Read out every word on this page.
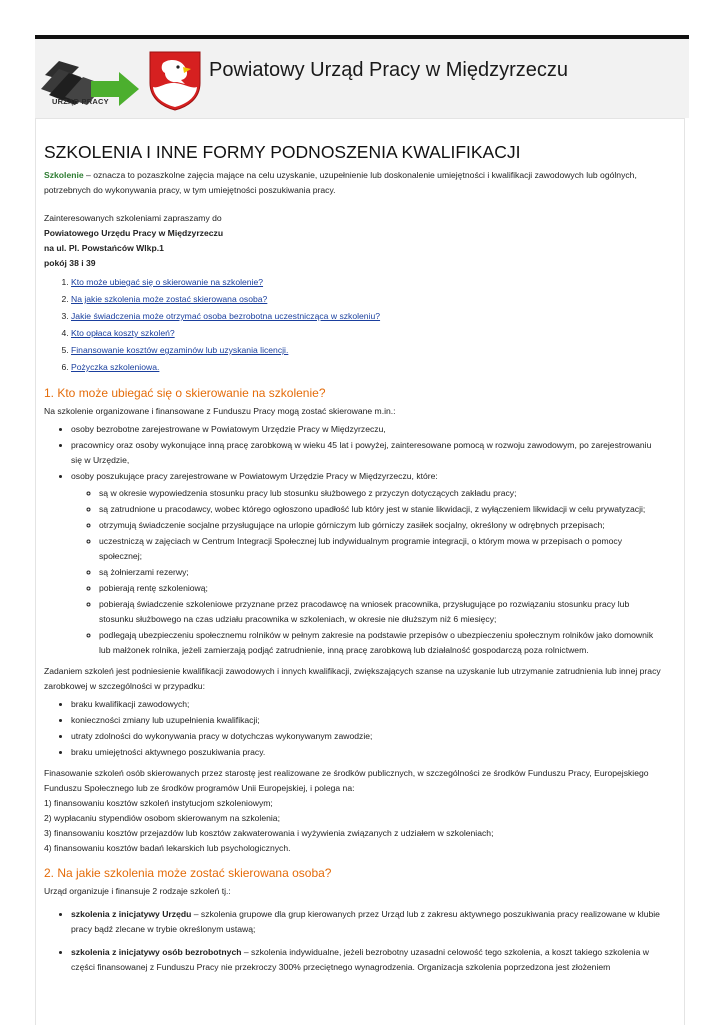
URZĄD PRACY
Powiatowy Urząd Pracy w Międzyrzeczu
SZKOLENIA I INNE FORMY PODNOSZENIA KWALIFIKACJI

Szkolenie – oznacza to pozaszkolne zajęcia mające na celu uzyskanie, uzupełnienie lub doskonalenie umiejętności i kwalifikacji zawodowych lub ogólnych, potrzebnych do wykonywania pracy, w tym umiejętności poszukiwania pracy.

Zainteresowanych szkoleniami zapraszamy do

Powiatowego Urzędu Pracy w Międzyrzeczu

na ul. Pl. Powstańców Wlkp.1

pokój 38 i 39

1. Kto może ubiegać się o skierowanie na szkolenie?
2. Na jakie szkolenia może zostać skierowana osoba?
3. Jakie świadczenia może otrzymać osoba bezrobotna uczestnicząca w szkoleniu?
4. Kto opłaca koszty szkoleń?
5. Finansowanie kosztów egzaminów lub uzyskania licencji.
6. Pożyczka szkoleniowa.
1. Kto może ubiegać się o skierowanie na szkolenie?

Na szkolenie organizowane i finansowane z Funduszu Pracy mogą zostać skierowane m.in.:

• osoby bezrobotne zarejestrowane w Powiatowym Urzędzie Pracy w Międzyrzeczu,
• pracownicy oraz osoby wykonujące inną pracę zarobkową w wieku 45 lat i powyżej, zainteresowane pomocą w rozwoju zawodowym, po zarejestrowaniu się w Urzędzie,
• osoby poszukujące pracy zarejestrowane w Powiatowym Urzędzie Pracy w Międzyrzeczu, które:
◦ są w okresie wypowiedzenia stosunku pracy lub stosunku służbowego z przyczyn dotyczących zakładu pracy;
◦ są zatrudnione u pracodawcy, wobec którego ogłoszono upadłość lub który jest w stanie likwidacji, z wyłączeniem likwidacji w celu prywatyzacji;
◦ otrzymują świadczenie socjalne przysługujące na urlopie górniczym lub górniczy zasiłek socjalny, określony w odrębnych przepisach;
◦ uczestniczą w zajęciach w Centrum Integracji Społecznej lub indywidualnym programie integracji, o którym mowa w przepisach o pomocy społecznej;
◦ są żołnierzami rezerwy;
◦ pobierają rentę szkoleniową;
◦ pobierają świadczenie szkoleniowe przyznane przez pracodawcę na wniosek pracownika, przysługujące po rozwiązaniu stosunku pracy lub stosunku służbowego na czas udziału pracownika w szkoleniach, w okresie nie dłuższym niż 6 miesięcy;
◦ podlegają ubezpieczeniu społecznemu rolników w pełnym zakresie na podstawie przepisów o ubezpieczeniu społecznym rolników jako domownik lub małżonek rolnika, jeżeli zamierzają podjąć zatrudnienie, inną pracę zarobkową lub działalność gospodarczą poza rolnictwem.

Zadaniem szkoleń jest podniesienie kwalifikacji zawodowych i innych kwalifikacji, zwiększających szanse na uzyskanie lub utrzymanie zatrudnienia lub innej pracy zarobkowej w szczególności w przypadku:

• braku kwalifikacji zawodowych;
• konieczności zmiany lub uzupełnienia kwalifikacji;
• utraty zdolności do wykonywania pracy w dotychczas wykonywanym zawodzie;
• braku umiejętności aktywnego poszukiwania pracy.

Finasowanie szkoleń osób skierowanych przez starostę jest realizowane ze środków publicznych, w szczególności ze środków Funduszu Pracy, Europejskiego Funduszu Społecznego lub ze środków programów Unii Europejskiej, i polega na:

1) finansowaniu kosztów szkoleń instytucjom szkoleniowym;

2) wypłacaniu stypendiów osobom skierowanym na szkolenia;

3) finansowaniu kosztów przejazdów lub kosztów zakwaterowania i wyżywienia związanych z udziałem w szkoleniach;

4) finansowaniu kosztów badań lekarskich lub psychologicznych.

2. Na jakie szkolenia może zostać skierowana osoba?

Urząd organizuje i finansuje 2 rodzaje szkoleń tj.:

• szkolenia z inicjatywy Urzędu – szkolenia grupowe dla grup kierowanych przez Urząd lub z zakresu aktywnego poszukiwania pracy realizowane w klubie pracy bądź zlecane w trybie określonym ustawą;
• szkolenia z inicjatywy osób bezrobotnych – szkolenia indywidualne, jeżeli bezrobotny uzasadni celowość tego szkolenia, a koszt takiego szkolenia w części finansowanej z Funduszu Pracy nie przekroczy 300% przeciętnego wynagrodzenia. Organizacja szkolenia poprzedzona jest złożeniem
